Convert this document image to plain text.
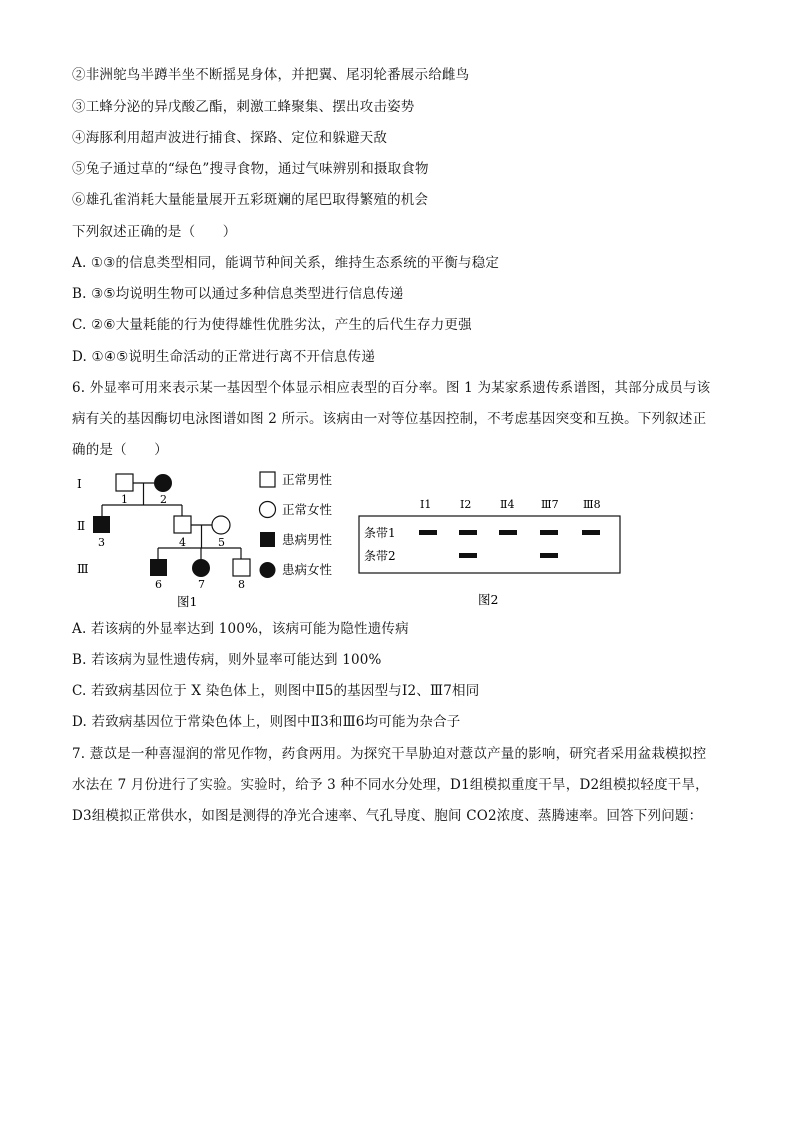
②非洲鸵鸟半蹲半坐不断摇晃身体，并把翼、尾羽轮番展示给雌鸟
③工蜂分泌的异戊酸乙酯，刺激工蜂聚集、摆出攻击姿势
④海豚利用超声波进行捕食、探路、定位和躲避天敌
⑤兔子通过草的“绿色”搜寻食物，通过气味辨别和摄取食物
⑥雄孔雀消耗大量能量展开五彩斑斓的尾巴取得繁殖的机会
下列叙述正确的是（　　）
A. ①③的信息类型相同，能调节种间关系，维持生态系统的平衡与稳定
B. ③⑤均说明生物可以通过多种信息类型进行信息传递
C. ②⑥大量耗能的行为使得雄性优胜劣汰，产生的后代生存力更强
D. ①④⑤说明生命活动的正常进行离不开信息传递
6. 外显率可用来表示某一基因型个体显示相应表型的百分率。图 1 为某家系遗传系谱图，其部分成员与该
病有关的基因酶切电泳图谱如图 2 所示。该病由一对等位基因控制，不考虑基因突变和互换。下列叙述正
确的是（　　）
Ⅰ
Ⅱ
Ⅲ
1	2
3	4	5
6	7	8
正常男性
正常女性
患病男性
患病女性
图1
Ⅰ1	Ⅰ2	Ⅱ4 Ⅲ7 Ⅲ8
条带1
条带2
图2
A. 若该病的外显率达到 100%，该病可能为隐性遗传病
B. 若该病为显性遗传病，则外显率可能达到 100%
C. 若致病基因位于 X 染色体上，则图中Ⅱ5的基因型与Ⅰ2、Ⅲ7相同
D. 若致病基因位于常染色体上，则图中Ⅱ3和Ⅲ6均可能为杂合子
7. 薏苡是一种喜湿润的常见作物，药食两用。为探究干旱胁迫对薏苡产量的影响，研究者采用盆栽模拟控
水法在 7 月份进行了实验。实验时，给予 3 种不同水分处理，D1组模拟重度干旱，D2组模拟轻度干旱，
D3组模拟正常供水，如图是测得的净光合速率、气孔导度、胞间 CO2浓度、蒸腾速率。回答下列问题：
